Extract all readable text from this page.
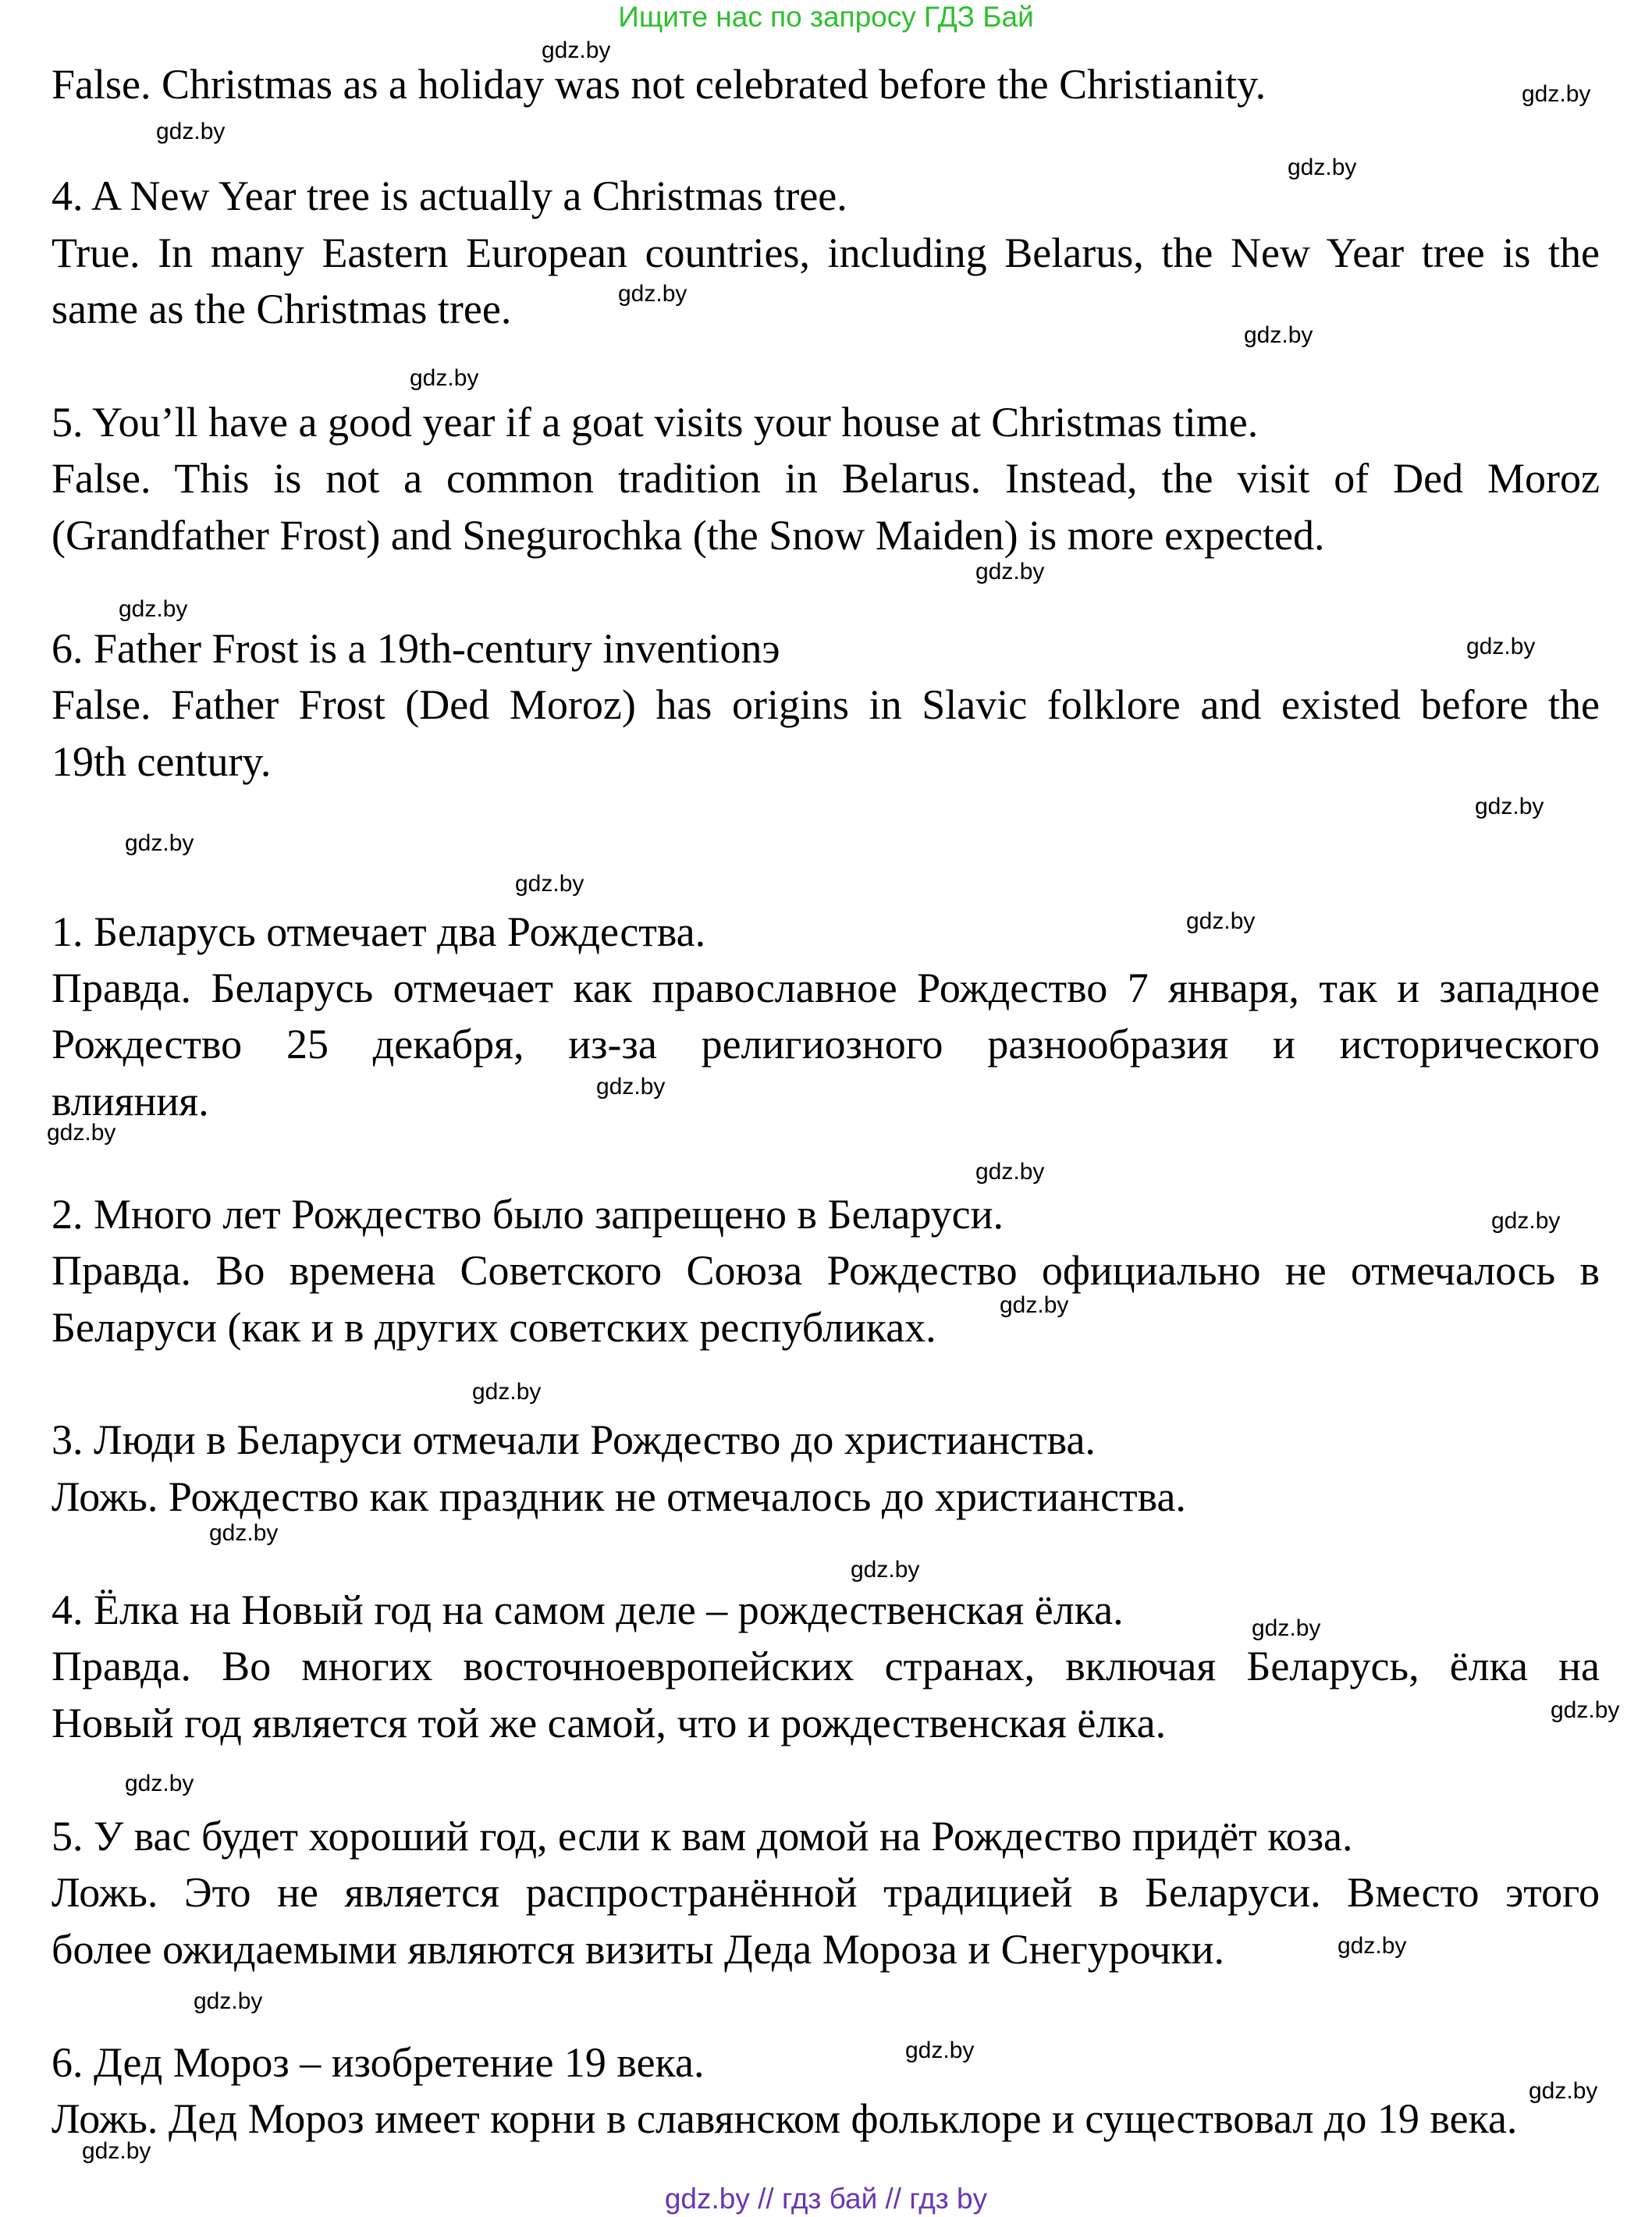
Ищите нас по запросу ГДЗ Бай
False. Christmas as a holiday was not celebrated before the Christianity.
4. A New Year tree is actually a Christmas tree.
True. In many Eastern European countries, including Belarus, the New Year tree is the
same as the Christmas tree.
5. You’ll have a good year if a goat visits your house at Christmas time.
False. This is not a common tradition in Belarus. Instead, the visit of Ded Moroz
(Grandfather Frost) and Snegurochka (the Snow Maiden) is more expected.
6. Father Frost is a 19th-century inventionэ
False. Father Frost (Ded Moroz) has origins in Slavic folklore and existed before the
19th century.
1. Беларусь отмечает два Рождества.
Правда. Беларусь отмечает как православное Рождество 7 января, так и западное
Рождество 25 декабря, из-за религиозного разнообразия и исторического
влияния.
2. Много лет Рождество было запрещено в Беларуси.
Правда. Во времена Советского Союза Рождество официально не отмечалось в
Беларуси (как и в других советских республиках.
3. Люди в Беларуси отмечали Рождество до христианства.
Ложь. Рождество как праздник не отмечалось до христианства.
4. Ёлка на Новый год на самом деле – рождественская ёлка.
Правда. Во многих восточноевропейских странах, включая Беларусь, ёлка на
Новый год является той же самой, что и рождественская ёлка.
5. У вас будет хороший год, если к вам домой на Рождество придёт коза.
Ложь. Это не является распространённой традицией в Беларуси. Вместо этого
более ожидаемыми являются визиты Деда Мороза и Снегурочки.
6. Дед Мороз – изобретение 19 века.
Ложь. Дед Мороз имеет корни в славянском фольклоре и существовал до 19 века.
gdz.by
gdz.by
gdz.by
gdz.by
gdz.by
gdz.by
gdz.by
gdz.by
gdz.by
gdz.by
gdz.by
gdz.by
gdz.by
gdz.by
gdz.by
gdz.by
gdz.by
gdz.by
gdz.by
gdz.by
gdz.by
gdz.by
gdz.by
gdz.by
gdz.by
gdz.by
gdz.by
gdz.by
gdz.by
gdz.by
gdz.by // гдз бай // гдз by
